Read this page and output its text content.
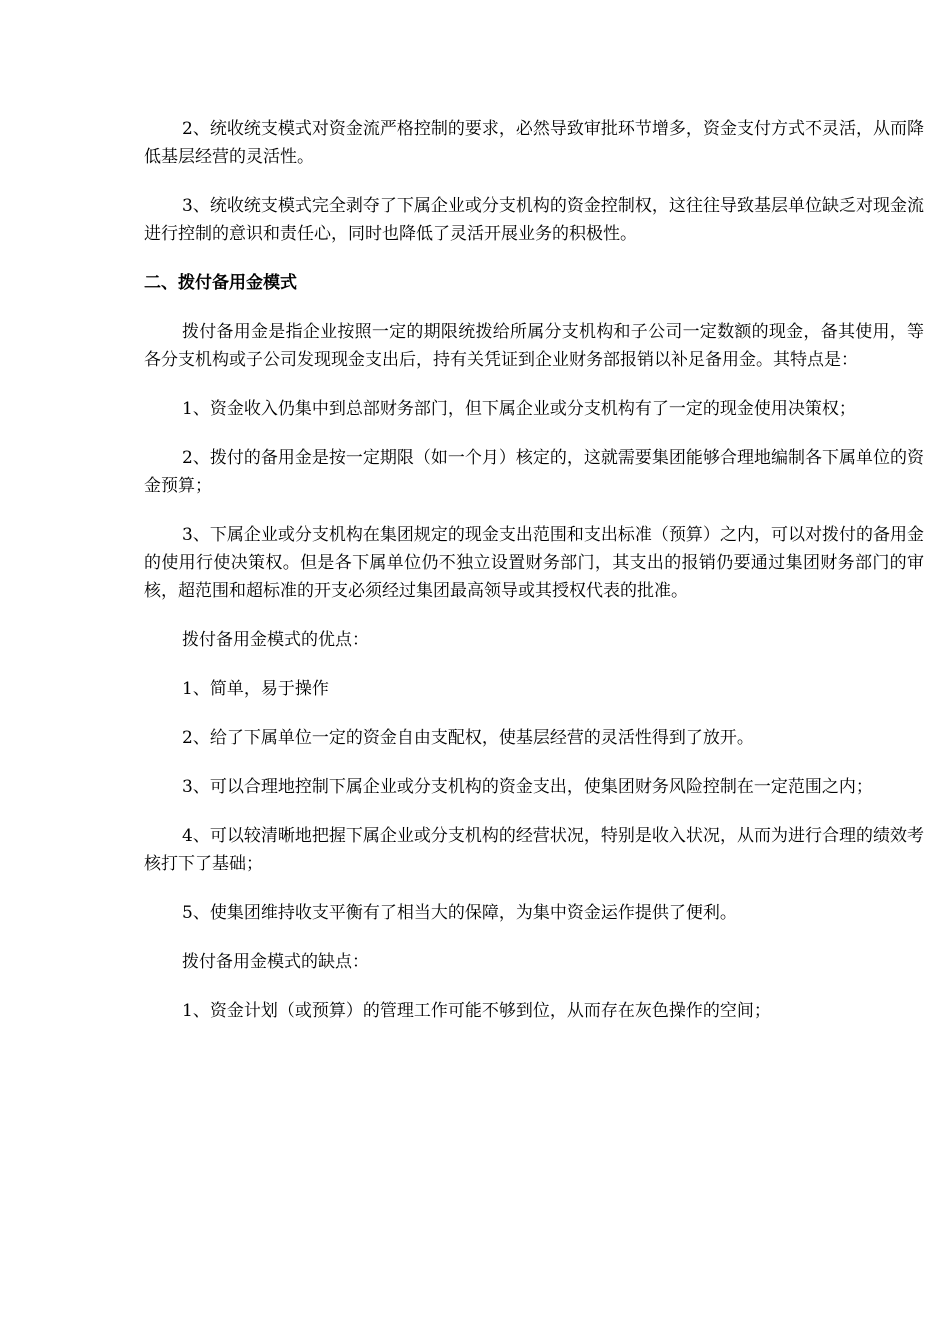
2、统收统支模式对资金流严格控制的要求，必然导致审批环节增多，资金支付方式不灵活，从而降低基层经营的灵活性。

3、统收统支模式完全剥夺了下属企业或分支机构的资金控制权，这往往导致基层单位缺乏对现金流进行控制的意识和责任心，同时也降低了灵活开展业务的积极性。

二、拨付备用金模式

拨付备用金是指企业按照一定的期限统拨给所属分支机构和子公司一定数额的现金，备其使用，等各分支机构或子公司发现现金支出后，持有关凭证到企业财务部报销以补足备用金。其特点是：

1、资金收入仍集中到总部财务部门，但下属企业或分支机构有了一定的现金使用决策权；

2、拨付的备用金是按一定期限（如一个月）核定的，这就需要集团能够合理地编制各下属单位的资金预算；

3、下属企业或分支机构在集团规定的现金支出范围和支出标准（预算）之内，可以对拨付的备用金的使用行使决策权。但是各下属单位仍不独立设置财务部门，其支出的报销仍要通过集团财务部门的审核，超范围和超标准的开支必须经过集团最高领导或其授权代表的批准。

拨付备用金模式的优点：

1、简单，易于操作

2、给了下属单位一定的资金自由支配权，使基层经营的灵活性得到了放开。

3、可以合理地控制下属企业或分支机构的资金支出，使集团财务风险控制在一定范围之内；

4、可以较清晰地把握下属企业或分支机构的经营状况，特别是收入状况，从而为进行合理的绩效考核打下了基础；

5、使集团维持收支平衡有了相当大的保障，为集中资金运作提供了便利。

拨付备用金模式的缺点：

1、资金计划（或预算）的管理工作可能不够到位，从而存在灰色操作的空间；
